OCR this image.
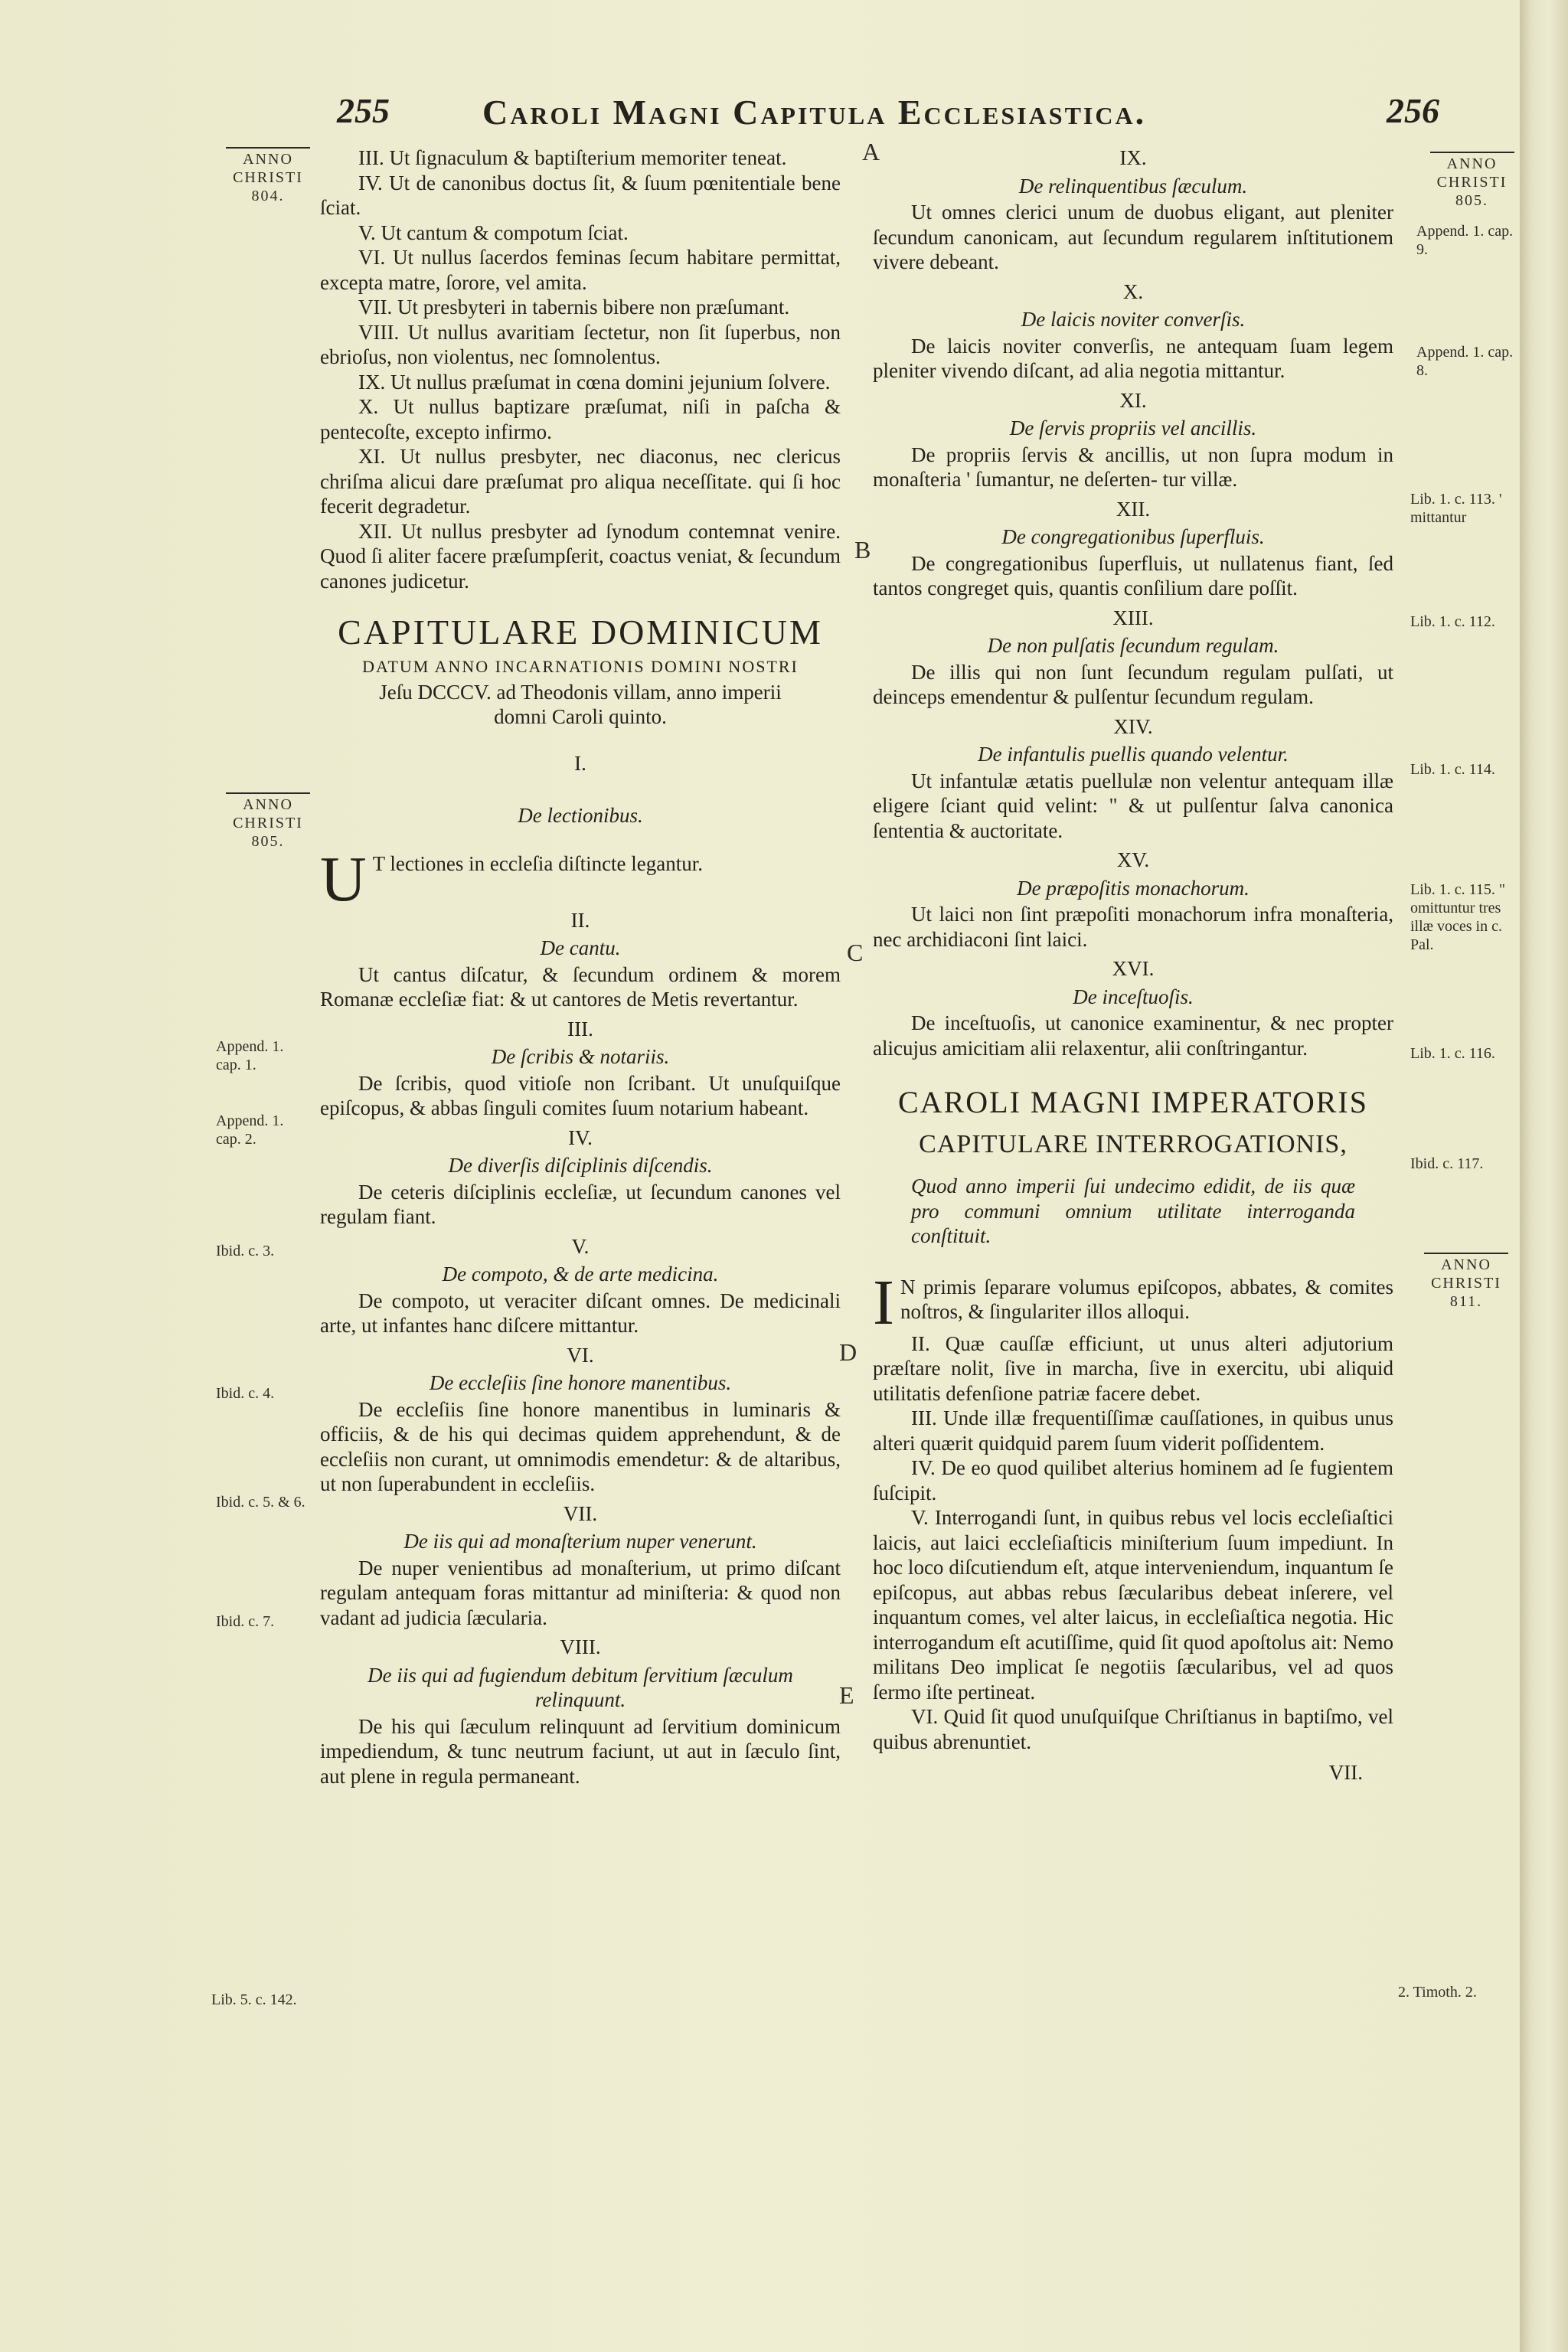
255	Caroli Magni Capitula Ecclesiastica.	256
ANNO
CHRISTI
804.
ANNO
CHRISTI
805.
Append. 1. cap. 1.
Append. 1. cap. 2.
Ibid. c. 3.
Ibid. c. 4.
Ibid. c. 5. & 6.
Ibid. c. 7.
Lib. 5. c. 142.
A
B
C
D
E

III. Ut ſignaculum & baptiſterium memoriter teneat.

IV. Ut de canonibus doctus ſit, & ſuum pœnitentiale bene ſciat.

V. Ut cantum & compotum ſciat.

VI. Ut nullus ſacerdos feminas ſecum habitare permittat, excepta matre, ſorore, vel amita.

VII. Ut presbyteri in tabernis bibere non præſumant.

VIII. Ut nullus avaritiam ſectetur, non ſit ſuperbus, non ebrioſus, non violentus, nec ſomnolentus.

IX. Ut nullus præſumat in cœna domini jejunium ſolvere.

X. Ut nullus baptizare præſumat, niſi in paſcha & pentecoſte, excepto infirmo.

XI. Ut nullus presbyter, nec diaconus, nec clericus chriſma alicui dare præſumat pro aliqua neceſſitate. qui ſi hoc fecerit degradetur.

XII. Ut nullus presbyter ad ſynodum contemnat venire. Quod ſi aliter facere præſumpſerit, coactus veniat, & ſecundum canones judicetur.

CAPITULARE DOMINICUM
DATUM ANNO INCARNATIONIS DOMINI NOSTRI

Jeſu DCCCV. ad Theodonis villam, anno imperii domni Caroli quinto.

I.
De lectionibus.

U T lectiones in eccleſia diſtincte legantur.

II.
De cantu.

Ut cantus diſcatur, & ſecundum ordinem & morem Romanæ eccleſiæ fiat: & ut cantores de Metis revertantur.

III.
De ſcribis & notariis.

De ſcribis, quod vitioſe non ſcribant. Ut unuſquiſque epiſcopus, & abbas ſinguli comites ſuum notarium habeant.

IV.
De diverſis diſciplinis diſcendis.

De ceteris diſciplinis eccleſiæ, ut ſecundum canones vel regulam fiant.

V.
De compoto, & de arte medicina.

De compoto, ut veraciter diſcant omnes. De medicinali arte, ut infantes hanc diſcere mittantur.

VI.
De eccleſiis ſine honore manentibus.

De eccleſiis ſine honore manentibus in luminaris & officiis, & de his qui decimas quidem apprehendunt, & de eccleſiis non curant, ut omnimodis emendetur: & de altaribus, ut non ſuperabundent in eccleſiis.

VII.
De iis qui ad monaſterium nuper venerunt.

De nuper venientibus ad monaſterium, ut primo diſcant regulam antequam foras mittantur ad miniſteria: & quod non vadant ad judicia ſæcularia.

VIII.
De iis qui ad fugiendum debitum ſervitium ſæculum relinquunt.

De his qui ſæculum relinquunt ad ſervitium dominicum impediendum, & tunc neutrum faciunt, ut aut in ſæculo ſint, aut plene in regula permaneant.

IX.
De relinquentibus ſæculum.

Ut omnes clerici unum de duobus eligant, aut pleniter ſecundum canonicam, aut ſecundum regularem inſtitutionem vivere debeant.

X.
De laicis noviter converſis.

De laicis noviter converſis, ne antequam ſuam legem pleniter vivendo diſcant, ad alia negotia mittantur.

XI.
De ſervis propriis vel ancillis.

De propriis ſervis & ancillis, ut non ſupra modum in monaſteria ' ſumantur, ne deſerten- tur villæ.

XII.
De congregationibus ſuperfluis.

De congregationibus ſuperfluis, ut nullatenus fiant, ſed tantos congreget quis, quantis conſilium dare poſſit.

XIII.
De non pulſatis ſecundum regulam.

De illis qui non ſunt ſecundum regulam pulſati, ut deinceps emendentur & pulſentur ſecundum regulam.

XIV.
De infantulis puellis quando velentur.

Ut infantulæ ætatis puellulæ non velentur antequam illæ eligere ſciant quid velint: " & ut pulſentur ſalva canonica ſententia & auctoritate.

XV.
De præpoſitis monachorum.

Ut laici non ſint præpoſiti monachorum infra monaſteria, nec archidiaconi ſint laici.

XVI.
De inceſtuoſis.

De inceſtuoſis, ut canonice examinentur, & nec propter alicujus amicitiam alii relaxentur, alii conſtringantur.

CAROLI MAGNI IMPERATORIS
CAPITULARE INTERROGATIONIS,

Quod anno imperii ſui undecimo edidit, de iis quæ pro communi omnium utilitate interroganda conſtituit.

I N primis ſeparare volumus epiſcopos, abbates, & comites noſtros, & ſingulariter illos alloqui.

II. Quæ cauſſæ efficiunt, ut unus alteri adjutorium præſtare nolit, ſive in marcha, ſive in exercitu, ubi aliquid utilitatis defenſione patriæ facere debet.

III. Unde illæ frequentiſſimæ cauſſationes, in quibus unus alteri quærit quidquid parem ſuum viderit poſſidentem.

IV. De eo quod quilibet alterius hominem ad ſe fugientem ſuſcipit.

V. Interrogandi ſunt, in quibus rebus vel locis eccleſiaſtici laicis, aut laici eccleſiaſticis miniſterium ſuum impediunt. In hoc loco diſcutiendum eſt, atque interveniendum, inquantum ſe epiſcopus, aut abbas rebus ſæcularibus debeat inſerere, vel inquantum comes, vel alter laicus, in eccleſiaſtica negotia. Hic interrogandum eſt acutiſſime, quid ſit quod apoſtolus ait: Nemo militans Deo implicat ſe negotiis ſæcularibus, vel ad quos ſermo iſte pertineat.

VI. Quid ſit quod unuſquiſque Chriſtianus in baptiſmo, vel quibus abrenuntiet.

VII.

ANNO
CHRISTI
805.
Append. 1. cap. 9.
Append. 1. cap. 8.
Lib. 1. c. 113. ' mittantur
Lib. 1. c. 112.
Lib. 1. c. 114.
Lib. 1. c. 115. " omittuntur tres illæ voces in c. Pal.
Lib. 1. c. 116.
Ibid. c. 117.
ANNO
CHRISTI
811.
2. Timoth. 2.
